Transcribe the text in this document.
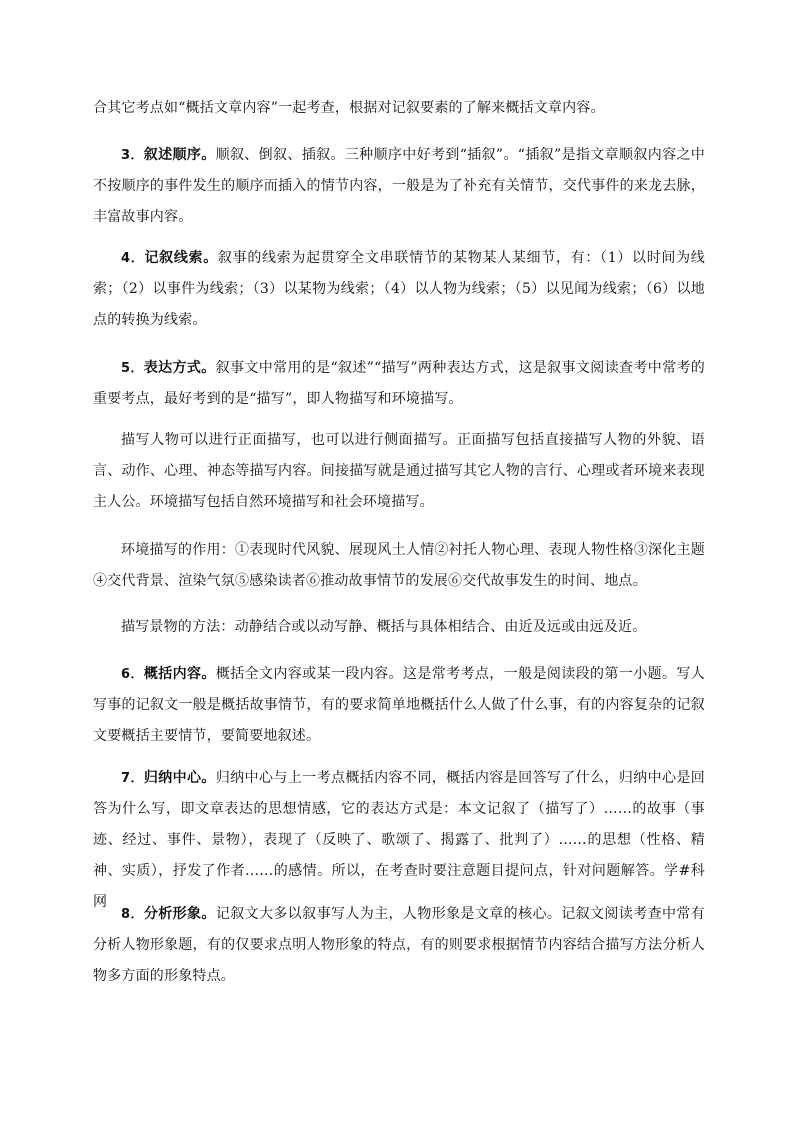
合其它考点如“概括文章内容”一起考查，根据对记叙要素的了解来概括文章内容。

3．叙述顺序。顺叙、倒叙、插叙。三种顺序中好考到“插叙”。“插叙”是指文章顺叙内容之中不按顺序的事件发生的顺序而插入的情节内容，一般是为了补充有关情节，交代事件的来龙去脉，丰富故事内容。

4．记叙线索。叙事的线索为起贯穿全文串联情节的某物某人某细节，有：（1）以时间为线索；（2）以事件为线索；（3）以某物为线索；（4）以人物为线索；（5）以见闻为线索；（6）以地点的转换为线索。

5．表达方式。叙事文中常用的是“叙述”“描写”两种表达方式，这是叙事文阅读查考中常考的重要考点，最好考到的是“描写”，即人物描写和环境描写。

描写人物可以进行正面描写，也可以进行侧面描写。正面描写包括直接描写人物的外貌、语言、动作、心理、神态等描写内容。间接描写就是通过描写其它人物的言行、心理或者环境来表现主人公。环境描写包括自然环境描写和社会环境描写。

环境描写的作用：①表现时代风貌、展现风土人情②衬托人物心理、表现人物性格③深化主题④交代背景、渲染气氛⑤感染读者⑥推动故事情节的发展⑥交代故事发生的时间、地点。

描写景物的方法：动静结合或以动写静、概括与具体相结合、由近及远或由远及近。

6．概括内容。概括全文内容或某一段内容。这是常考考点，一般是阅读段的第一小题。写人写事的记叙文一般是概括故事情节，有的要求简单地概括什么人做了什么事，有的内容复杂的记叙文要概括主要情节，要简要地叙述。

7．归纳中心。归纳中心与上一考点概括内容不同，概括内容是回答写了什么，归纳中心是回答为什么写，即文章表达的思想情感，它的表达方式是：本文记叙了（描写了）……的故事（事迹、经过、事件、景物），表现了（反映了、歌颂了、揭露了、批判了）……的思想（性格、精神、实质），抒发了作者……的感情。所以，在考查时要注意题目提问点，针对问题解答。学#科网

8．分析形象。记叙文大多以叙事写人为主，人物形象是文章的核心。记叙文阅读考查中常有分析人物形象题，有的仅要求点明人物形象的特点，有的则要求根据情节内容结合描写方法分析人物多方面的形象特点。
